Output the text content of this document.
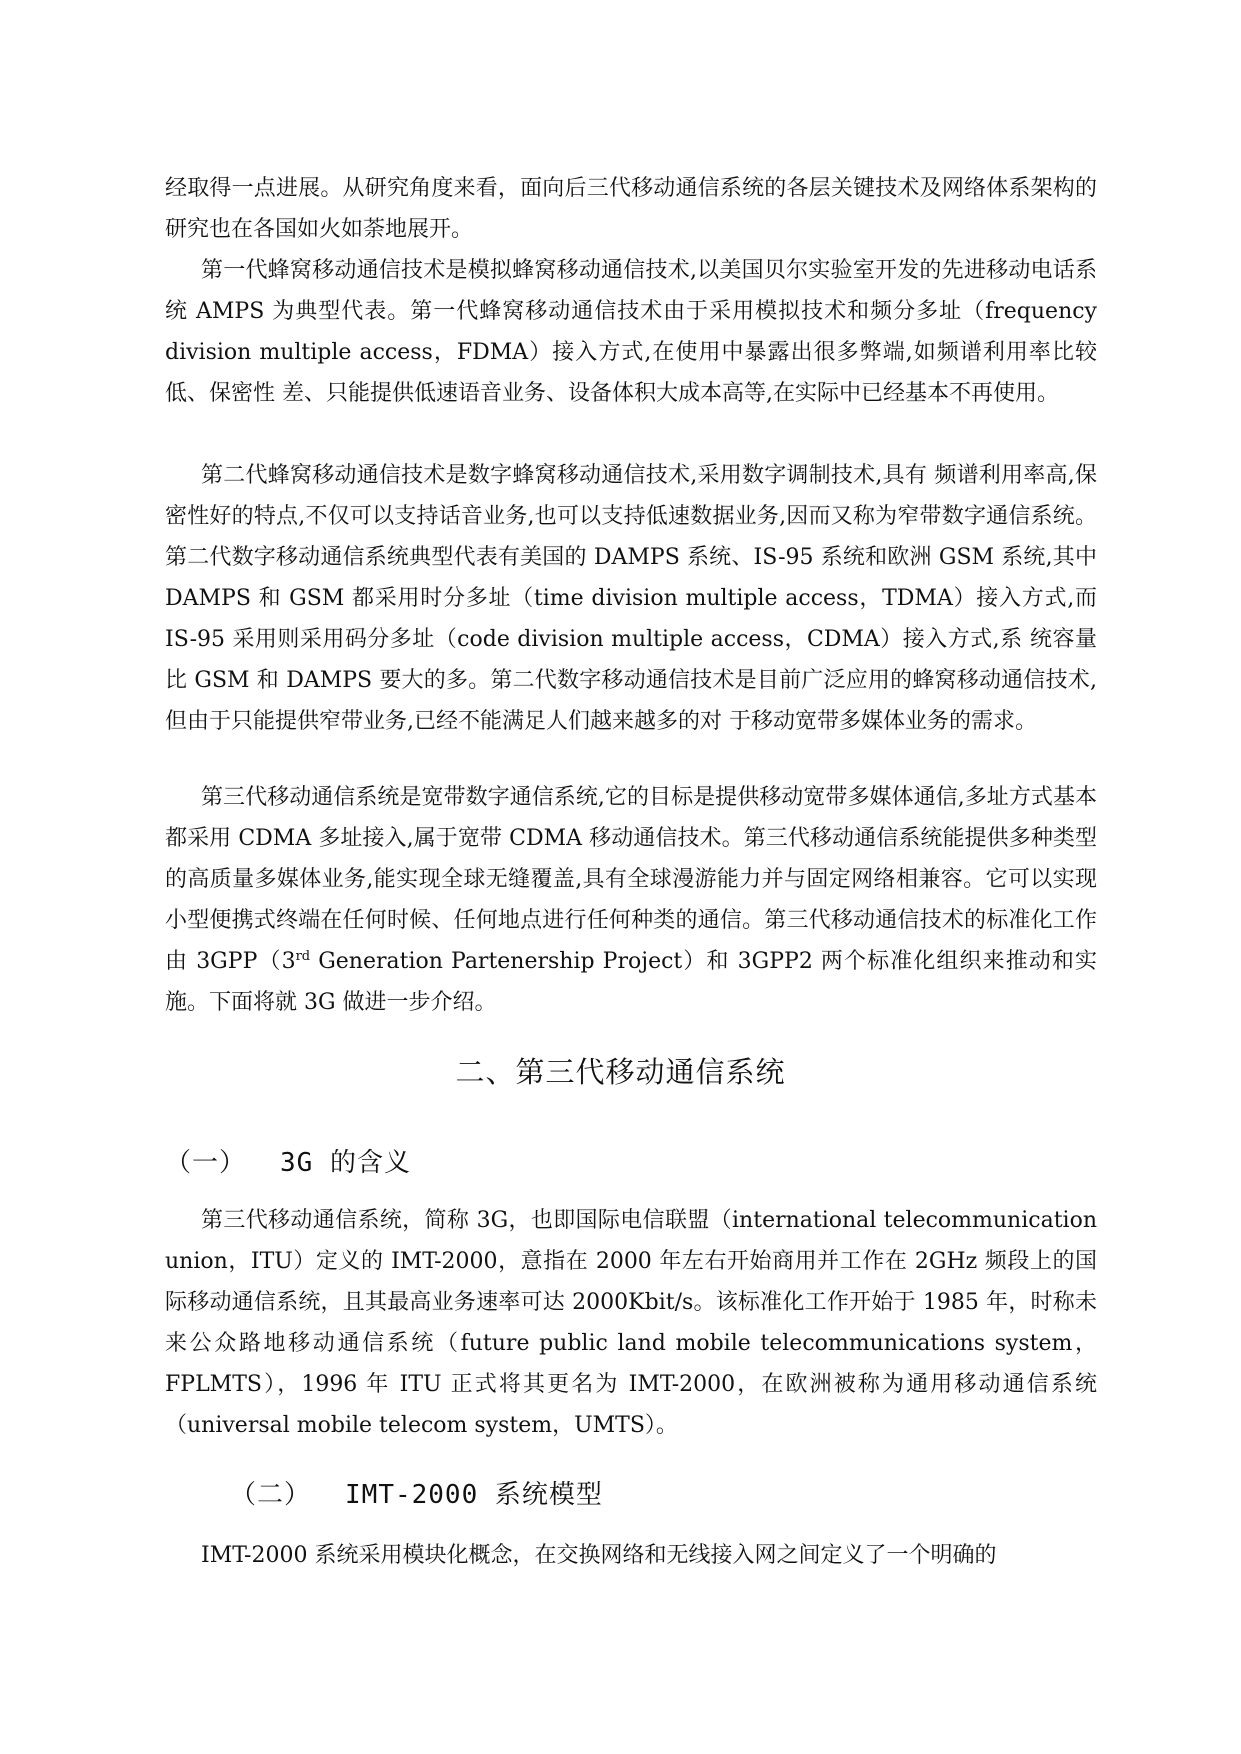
经取得一点进展。从研究角度来看，面向后三代移动通信系统的各层关键技术及网络体系架构的研究也在各国如火如荼地展开。

第一代蜂窝移动通信技术是模拟蜂窝移动通信技术,以美国贝尔实验室开发的先进移动电话系统 AMPS 为典型代表。第一代蜂窝移动通信技术由于采用模拟技术和频分多址（frequency division multiple access，FDMA）接入方式,在使用中暴露出很多弊端,如频谱利用率比较低、保密性 差、只能提供低速语音业务、设备体积大成本高等,在实际中已经基本不再使用。

第二代蜂窝移动通信技术是数字蜂窝移动通信技术,采用数字调制技术,具有 频谱利用率高,保密性好的特点,不仅可以支持话音业务,也可以支持低速数据业务,因而又称为窄带数字通信系统。第二代数字移动通信系统典型代表有美国的 DAMPS 系统、IS-95 系统和欧洲 GSM 系统,其中 DAMPS 和 GSM 都采用时分多址（time division multiple access，TDMA）接入方式,而 IS-95 采用则采用码分多址（code division multiple access，CDMA）接入方式,系 统容量比 GSM 和 DAMPS 要大的多。第二代数字移动通信技术是目前广泛应用的蜂窝移动通信技术,但由于只能提供窄带业务,已经不能满足人们越来越多的对 于移动宽带多媒体业务的需求。

第三代移动通信系统是宽带数字通信系统,它的目标是提供移动宽带多媒体通信,多址方式基本都采用 CDMA 多址接入,属于宽带 CDMA 移动通信技术。第三代移动通信系统能提供多种类型的高质量多媒体业务,能实现全球无缝覆盖,具有全球漫游能力并与固定网络相兼容。它可以实现小型便携式终端在任何时候、任何地点进行任何种类的通信。第三代移动通信技术的标准化工作由 3GPP（3rd Generation Partenership Project）和 3GPP2 两个标准化组织来推动和实施。下面将就 3G 做进一步介绍。

二、第三代移动通信系统
（一） 3G 的含义

第三代移动通信系统，简称 3G，也即国际电信联盟（international telecommunication union，ITU）定义的 IMT-2000，意指在 2000 年左右开始商用并工作在 2GHz 频段上的国际移动通信系统，且其最高业务速率可达 2000Kbit/s。该标准化工作开始于 1985 年，时称未来公众路地移动通信系统（future public land mobile telecommunications system，FPLMTS），1996 年 ITU 正式将其更名为 IMT-2000，在欧洲被称为通用移动通信系统（universal mobile telecom system，UMTS）。

（二） IMT-2000 系统模型

IMT-2000 系统采用模块化概念，在交换网络和无线接入网之间定义了一个明确的
